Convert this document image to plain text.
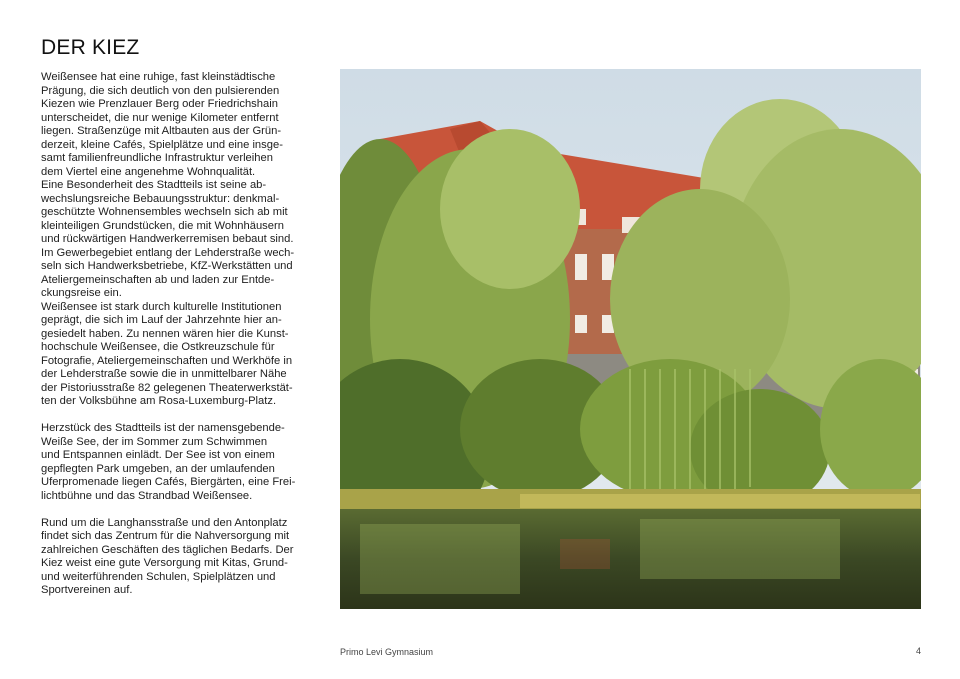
DER KIEZ

Weißensee hat eine ruhige, fast kleinstädtische
Prägung, die sich deutlich von den pulsierenden
Kiezen wie Prenzlauer Berg oder Friedrichshain
unterscheidet, die nur wenige Kilometer entfernt
liegen. Straßenzüge mit Altbauten aus der Grün-
derzeit, kleine Cafés, Spielplätze und eine insge-
samt familienfreundliche Infrastruktur verleihen
dem Viertel eine angenehme Wohnqualität.
Eine Besonderheit des Stadtteils ist seine ab-
wechslungsreiche Bebauungsstruktur: denkmal-
geschützte Wohnensembles wechseln sich ab mit
kleinteiligen Grundstücken, die mit Wohnhäusern
und rückwärtigen Handwerkerremisen bebaut sind.
Im Gewerbegebiet entlang der Lehderstraße wech-
seln sich Handwerksbetriebe, KfZ-Werkstätten und
Ateliergemeinschaften ab und laden zur Entde-
ckungsreise ein.
Weißensee ist stark durch kulturelle Institutionen
geprägt, die sich im Lauf der Jahrzehnte hier an-
gesiedelt haben. Zu nennen wären hier die Kunst-
hochschule Weißensee, die Ostkreuzschule für
Fotografie, Ateliergemeinschaften und Werkhöfe in
der Lehderstraße sowie die in unmittelbarer Nähe
der Pistoriusstraße 82 gelegenen Theaterwerkstät-
ten der Volksbühne am Rosa-Luxemburg-Platz.

Herzstück des Stadtteils ist der namensgebende-
Weiße See, der im Sommer zum Schwimmen
und Entspannen einlädt. Der See ist von einem
gepflegten Park umgeben, an der umlaufenden
Uferpromenade liegen Cafés, Biergärten, eine Frei-
lichtbühne und das Strandbad Weißensee.

Rund um die Langhansstraße und den Antonplatz
findet sich das Zentrum für die Nahversorgung mit
zahlreichen Geschäften des täglichen Bedarfs. Der
Kiez weist eine gute Versorgung mit Kitas, Grund-
und weiterführenden Schulen, Spielplätzen und
Sportvereinen auf.

Primo Levi Gymnasium	4
